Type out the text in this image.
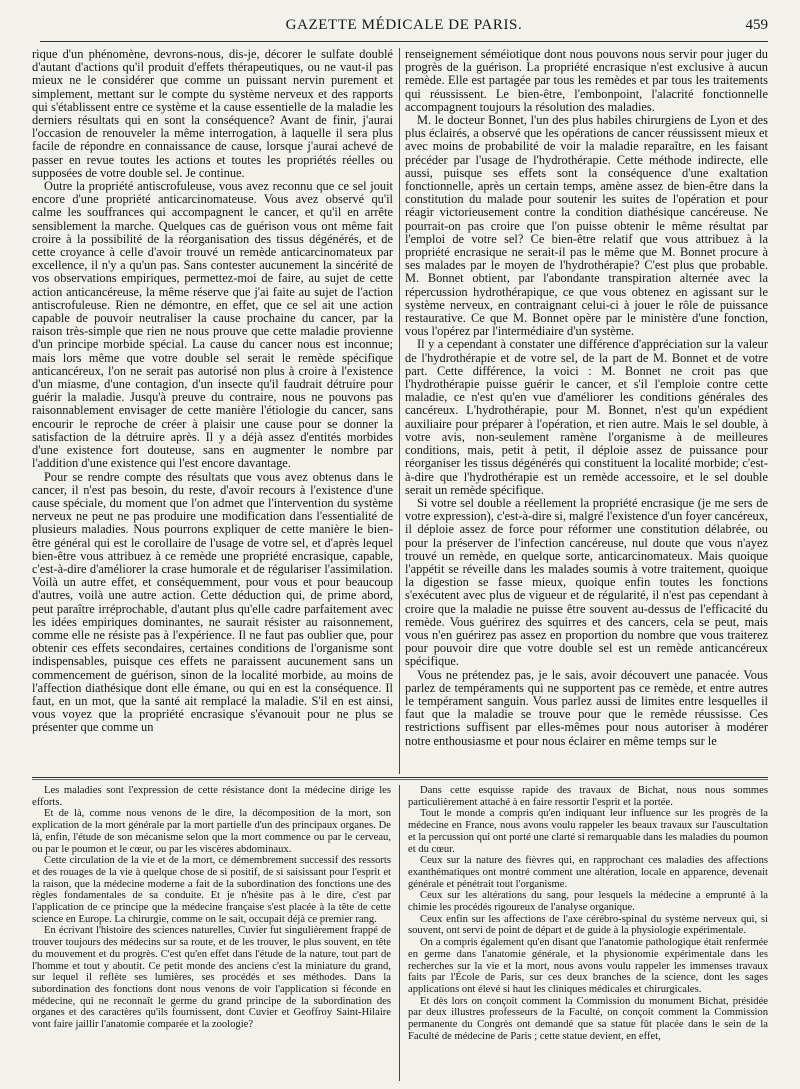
GAZETTE MÉDICALE DE PARIS.	459

rique d'un phénomène, devrons-nous, dis-je, décorer le sulfate doublé d'autant d'actions qu'il produit d'effets thérapeutiques, ou ne vaut-il pas mieux ne le considérer que comme un puissant nervin purement et simplement, mettant sur le compte du système nerveux et des rapports qui s'établissent entre ce système et la cause essentielle de la maladie les derniers résultats qui en sont la conséquence? Avant de finir, j'aurai l'occasion de renouveler la même interrogation, à laquelle il sera plus facile de répondre en connaissance de cause, lorsque j'aurai achevé de passer en revue toutes les actions et toutes les propriétés réelles ou supposées de votre double sel. Je continue.

Outre la propriété antiscrofuleuse, vous avez reconnu que ce sel jouit encore d'une propriété anticarcinomateuse. Vous avez observé qu'il calme les souffrances qui accompagnent le cancer, et qu'il en arrête sensiblement la marche. Quelques cas de guérison vous ont même fait croire à la possibilité de la réorganisation des tissus dégénérés, et de cette croyance à celle d'avoir trouvé un remède anticarcinomateux par excellence, il n'y a qu'un pas. Sans contester aucunement la sincérité de vos observations empiriques, permettez-moi de faire, au sujet de cette action anticancéreuse, la même réserve que j'ai faite au sujet de l'action antiscrofuleuse. Rien ne démontre, en effet, que ce sel ait une action capable de pouvoir neutraliser la cause prochaine du cancer, par la raison très-simple que rien ne nous prouve que cette maladie provienne d'un principe morbide spécial. La cause du cancer nous est inconnue; mais lors même que votre double sel serait le remède spécifique anticancéreux, l'on ne serait pas autorisé non plus à croire à l'existence d'un miasme, d'une contagion, d'un insecte qu'il faudrait détruire pour guérir la maladie. Jusqu'à preuve du contraire, nous ne pouvons pas raisonnablement envisager de cette manière l'étiologie du cancer, sans encourir le reproche de créer à plaisir une cause pour se donner la satisfaction de la détruire après. Il y a déjà assez d'entités morbides d'une existence fort douteuse, sans en augmenter le nombre par l'addition d'une existence qui l'est encore davantage.

Pour se rendre compte des résultats que vous avez obtenus dans le cancer, il n'est pas besoin, du reste, d'avoir recours à l'existence d'une cause spéciale, du moment que l'on admet que l'intervention du système nerveux ne peut ne pas produire une modification dans l'essentialité de plusieurs maladies. Nous pourrons expliquer de cette manière le bien-être général qui est le corollaire de l'usage de votre sel, et d'après lequel bien-être vous attribuez à ce remède une propriété encrasique, capable, c'est-à-dire d'améliorer la crase humorale et de régulariser l'assimilation. Voilà un autre effet, et conséquemment, pour vous et pour beaucoup d'autres, voilà une autre action. Cette déduction qui, de prime abord, peut paraître irréprochable, d'autant plus qu'elle cadre parfaitement avec les idées empiriques dominantes, ne saurait résister au raisonnement, comme elle ne résiste pas à l'expérience. Il ne faut pas oublier que, pour obtenir ces effets secondaires, certaines conditions de l'organisme sont indispensables, puisque ces effets ne paraissent aucunement sans un commencement de guérison, sinon de la localité morbide, au moins de l'affection diathésique dont elle émane, ou qui en est la conséquence. Il faut, en un mot, que la santé ait remplacé la maladie. S'il en est ainsi, vous voyez que la propriété encrasique s'évanouit pour ne plus se présenter que comme un

renseignement séméiotique dont nous pouvons nous servir pour juger du progrès de la guérison. La propriété encrasique n'est exclusive à aucun remède. Elle est partagée par tous les remèdes et par tous les traitements qui réussissent. Le bien-être, l'embonpoint, l'alacrité fonctionnelle accompagnent toujours la résolution des maladies.

M. le docteur Bonnet, l'un des plus habiles chirurgiens de Lyon et des plus éclairés, a observé que les opérations de cancer réussissent mieux et avec moins de probabilité de voir la maladie reparaître, en les faisant précéder par l'usage de l'hydrothérapie. Cette méthode indirecte, elle aussi, puisque ses effets sont la conséquence d'une exaltation fonctionnelle, après un certain temps, amène assez de bien-être dans la constitution du malade pour soutenir les suites de l'opération et pour réagir victorieusement contre la condition diathésique cancéreuse. Ne pourrait-on pas croire que l'on puisse obtenir le même résultat par l'emploi de votre sel? Ce bien-être relatif que vous attribuez à la propriété encrasique ne serait-il pas le même que M. Bonnet procure à ses malades par le moyen de l'hydrothérapie? C'est plus que probable. M. Bonnet obtient, par l'abondante transpiration alternée avec la répercussion hydrothérapique, ce que vous obtenez en agissant sur le système nerveux, en contraignant celui-ci à jouer le rôle de puissance restaurative. Ce que M. Bonnet opère par le ministère d'une fonction, vous l'opérez par l'intermédiaire d'un système.

Il y a cependant à constater une différence d'appréciation sur la valeur de l'hydrothérapie et de votre sel, de la part de M. Bonnet et de votre part. Cette différence, la voici : M. Bonnet ne croit pas que l'hydrothérapie puisse guérir le cancer, et s'il l'emploie contre cette maladie, ce n'est qu'en vue d'améliorer les conditions générales des cancéreux. L'hydrothérapie, pour M. Bonnet, n'est qu'un expédient auxiliaire pour préparer à l'opération, et rien autre. Mais le sel double, à votre avis, non-seulement ramène l'organisme à de meilleures conditions, mais, petit à petit, il déploie assez de puissance pour réorganiser les tissus dégénérés qui constituent la localité morbide; c'est-à-dire que l'hydrothérapie est un remède accessoire, et le sel double serait un remède spécifique.

Si votre sel double a réellement la propriété encrasique (je me sers de votre expression), c'est-à-dire si, malgré l'existence d'un foyer cancéreux, il déploie assez de force pour réformer une constitution délabrée, ou pour la préserver de l'infection cancéreuse, nul doute que vous n'ayez trouvé un remède, en quelque sorte, anticarcinomateux. Mais quoique l'appétit se réveille dans les malades soumis à votre traitement, quoique la digestion se fasse mieux, quoique enfin toutes les fonctions s'exécutent avec plus de vigueur et de régularité, il n'est pas cependant à croire que la maladie ne puisse être souvent au-dessus de l'efficacité du remède. Vous guérirez des squirres et des cancers, cela se peut, mais vous n'en guérirez pas assez en proportion du nombre que vous traiterez pour pouvoir dire que votre double sel est un remède anticancéreux spécifique.

Vous ne prétendez pas, je le sais, avoir découvert une panacée. Vous parlez de tempéraments qui ne supportent pas ce remède, et entre autres le tempérament sanguin. Vous parlez aussi de limites entre lesquelles il faut que la maladie se trouve pour que le remède réussisse. Ces restrictions suffisent par elles-mêmes pour nous autoriser à modérer notre enthousiasme et pour nous éclairer en même temps sur le

Les maladies sont l'expression de cette résistance dont la médecine dirige les efforts.

Et de là, comme nous venons de le dire, la décomposition de la mort, son explication de la mort générale par la mort partielle d'un des principaux organes. De là, enfin, l'étude de son mécanisme selon que la mort commence ou par le cerveau, ou par le poumon et le cœur, ou par les viscères abdominaux.

Cette circulation de la vie et de la mort, ce démembrement successif des ressorts et des rouages de la vie à quelque chose de si positif, de si saisissant pour l'esprit et la raison, que la médecine moderne a fait de la subordination des fonctions une des règles fondamentales de sa conduite. Et je n'hésite pas à le dire, c'est par l'application de ce principe que la médecine française s'est placée à la tête de cette science en Europe. La chirurgie, comme on le sait, occupait déjà ce premier rang.

En écrivant l'histoire des sciences naturelles, Cuvier fut singulièrement frappé de trouver toujours des médecins sur sa route, et de les trouver, le plus souvent, en tête du mouvement et du progrès. C'est qu'en effet dans l'étude de la nature, tout part de l'homme et tout y aboutit. Ce petit monde des anciens c'est la miniature du grand, sur lequel il reflète ses lumières, ses procédés et ses méthodes. Dans la subordination des fonctions dont nous venons de voir l'application si féconde en médecine, qui ne reconnaît le germe du grand principe de la subordination des organes et des caractères qu'ils fournissent, dont Cuvier et Geoffroy Saint-Hilaire vont faire jaillir l'anatomie comparée et la zoologie?

Dans cette esquisse rapide des travaux de Bichat, nous nous sommes particulièrement attaché à en faire ressortir l'esprit et la portée.

Tout le monde a compris qu'en indiquant leur influence sur les progrès de la médecine en France, nous avons voulu rappeler les beaux travaux sur l'auscultation et la percussion qui ont porté une clarté si remarquable dans les maladies du poumon et du cœur.

Ceux sur la nature des fièvres qui, en rapprochant ces maladies des affections exanthématiques ont montré comment une altération, locale en apparence, devenait générale et pénétrait tout l'organisme.

Ceux sur les altérations du sang, pour lesquels la médecine a emprunté à la chimie les procédés rigoureux de l'analyse organique.

Ceux enfin sur les affections de l'axe cérébro-spinal du système nerveux qui, si souvent, ont servi de point de départ et de guide à la physiologie expérimentale.

On a compris également qu'en disant que l'anatomie pathologique était renfermée en germe dans l'anatomie générale, et la physionomie expérimentale dans les recherches sur la vie et la mort, nous avons voulu rappeler les immenses travaux faits par l'École de Paris, sur ces deux branches de la science, dont les sages applications ont élevé si haut les cliniques médicales et chirurgicales.

Et dès lors on conçoit comment la Commission du monument Bichat, présidée par deux illustres professeurs de la Faculté, on conçoit comment la Commission permanente du Congrès ont demandé que sa statue fût placée dans le sein de la Faculté de médecine de Paris ; cette statue devient, en effet,
